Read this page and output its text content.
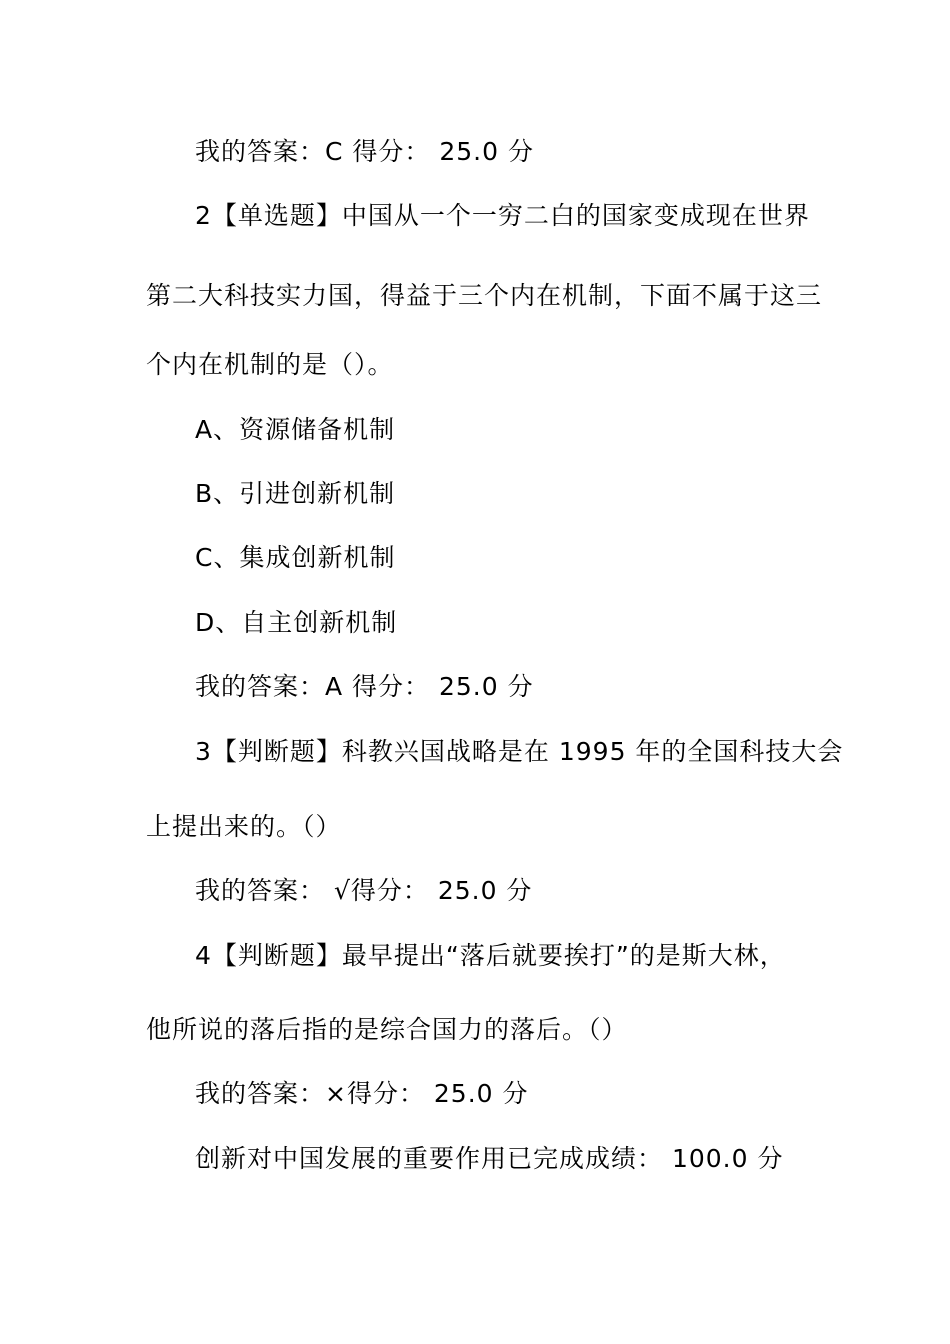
我的答案：C 得分： 25.0 分
2【单选题】中国从一个一穷二白的国家变成现在世界
第二大科技实力国，得益于三个内在机制，下面不属于这三
个内在机制的是（）。
A、资源储备机制
B、引进创新机制
C、集成创新机制
D、自主创新机制
我的答案：A 得分： 25.0 分
3【判断题】科教兴国战略是在 1995 年的全国科技大会
上提出来的。（）
我的答案： √得分： 25.0 分
4【判断题】最早提出“落后就要挨打”的是斯大林，
他所说的落后指的是综合国力的落后。（）
我的答案：×得分： 25.0 分
创新对中国发展的重要作用已完成成绩： 100.0 分
